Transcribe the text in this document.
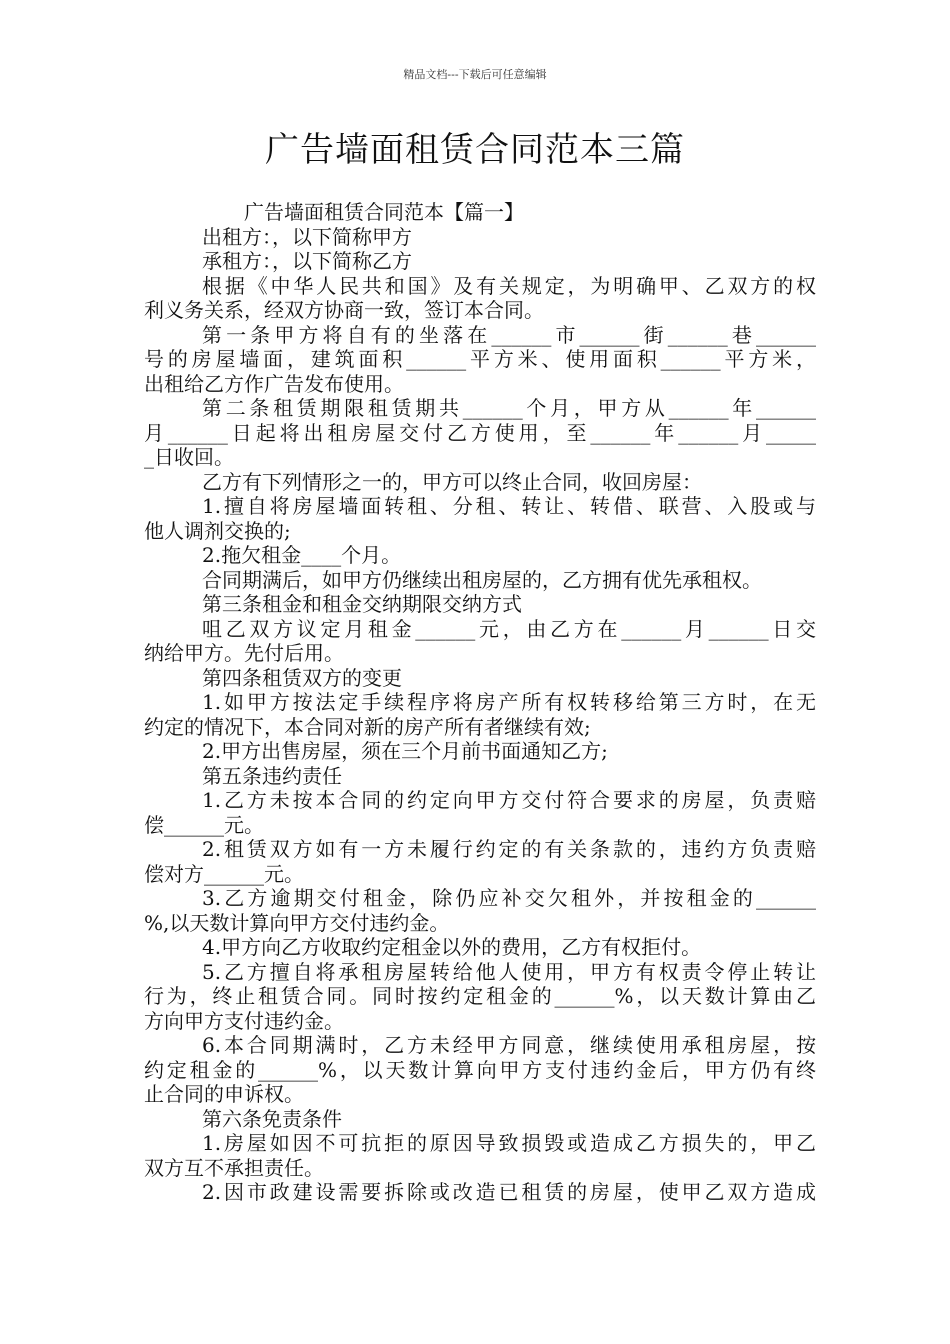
精品文档---下载后可任意编辑
广告墙面租赁合同范本三篇
广告墙面租赁合同范本【篇一】
出租方：，以下简称甲方
承租方：，以下简称乙方
根据《中华人民共和国》及有关规定，为明确甲、乙双方的权
利义务关系，经双方协商一致，签订本合同。
第一条甲方将自有的坐落在______市______街______巷______
号的房屋墙面，建筑面积______平方米、使用面积______平方米，
出租给乙方作广告发布使用。
第二条租赁期限租赁期共______个月，甲方从______年______
月______日起将出租房屋交付乙方使用，至______年______月_____
_日收回。
乙方有下列情形之一的，甲方可以终止合同，收回房屋：
1.擅自将房屋墙面转租、分租、转让、转借、联营、入股或与
他人调剂交换的;
2.拖欠租金____个月。
合同期满后，如甲方仍继续出租房屋的，乙方拥有优先承租权。
第三条租金和租金交纳期限交纳方式
咀乙双方议定月租金______元，由乙方在______月______日交
纳给甲方。先付后用。
第四条租赁双方的变更
1.如甲方按法定手续程序将房产所有权转移给第三方时，在无
约定的情况下，本合同对新的房产所有者继续有效;
2.甲方出售房屋，须在三个月前书面通知乙方;
第五条违约责任
1.乙方未按本合同的约定向甲方交付符合要求的房屋，负责赔
偿______元。
2.租赁双方如有一方未履行约定的有关条款的，违约方负责赔
偿对方______元。
3.乙方逾期交付租金，除仍应补交欠租外，并按租金的______
%,以天数计算向甲方交付违约金。
4.甲方向乙方收取约定租金以外的费用，乙方有权拒付。
5.乙方擅自将承租房屋转给他人使用，甲方有权责令停止转让
行为，终止租赁合同。同时按约定租金的______%，以天数计算由乙
方向甲方支付违约金。
6.本合同期满时，乙方未经甲方同意，继续使用承租房屋，按
约定租金的______%，以天数计算向甲方支付违约金后，甲方仍有终
止合同的申诉权。
第六条免责条件
1.房屋如因不可抗拒的原因导致损毁或造成乙方损失的，甲乙
双方互不承担责任。
2.因市政建设需要拆除或改造已租赁的房屋，使甲乙双方造成
